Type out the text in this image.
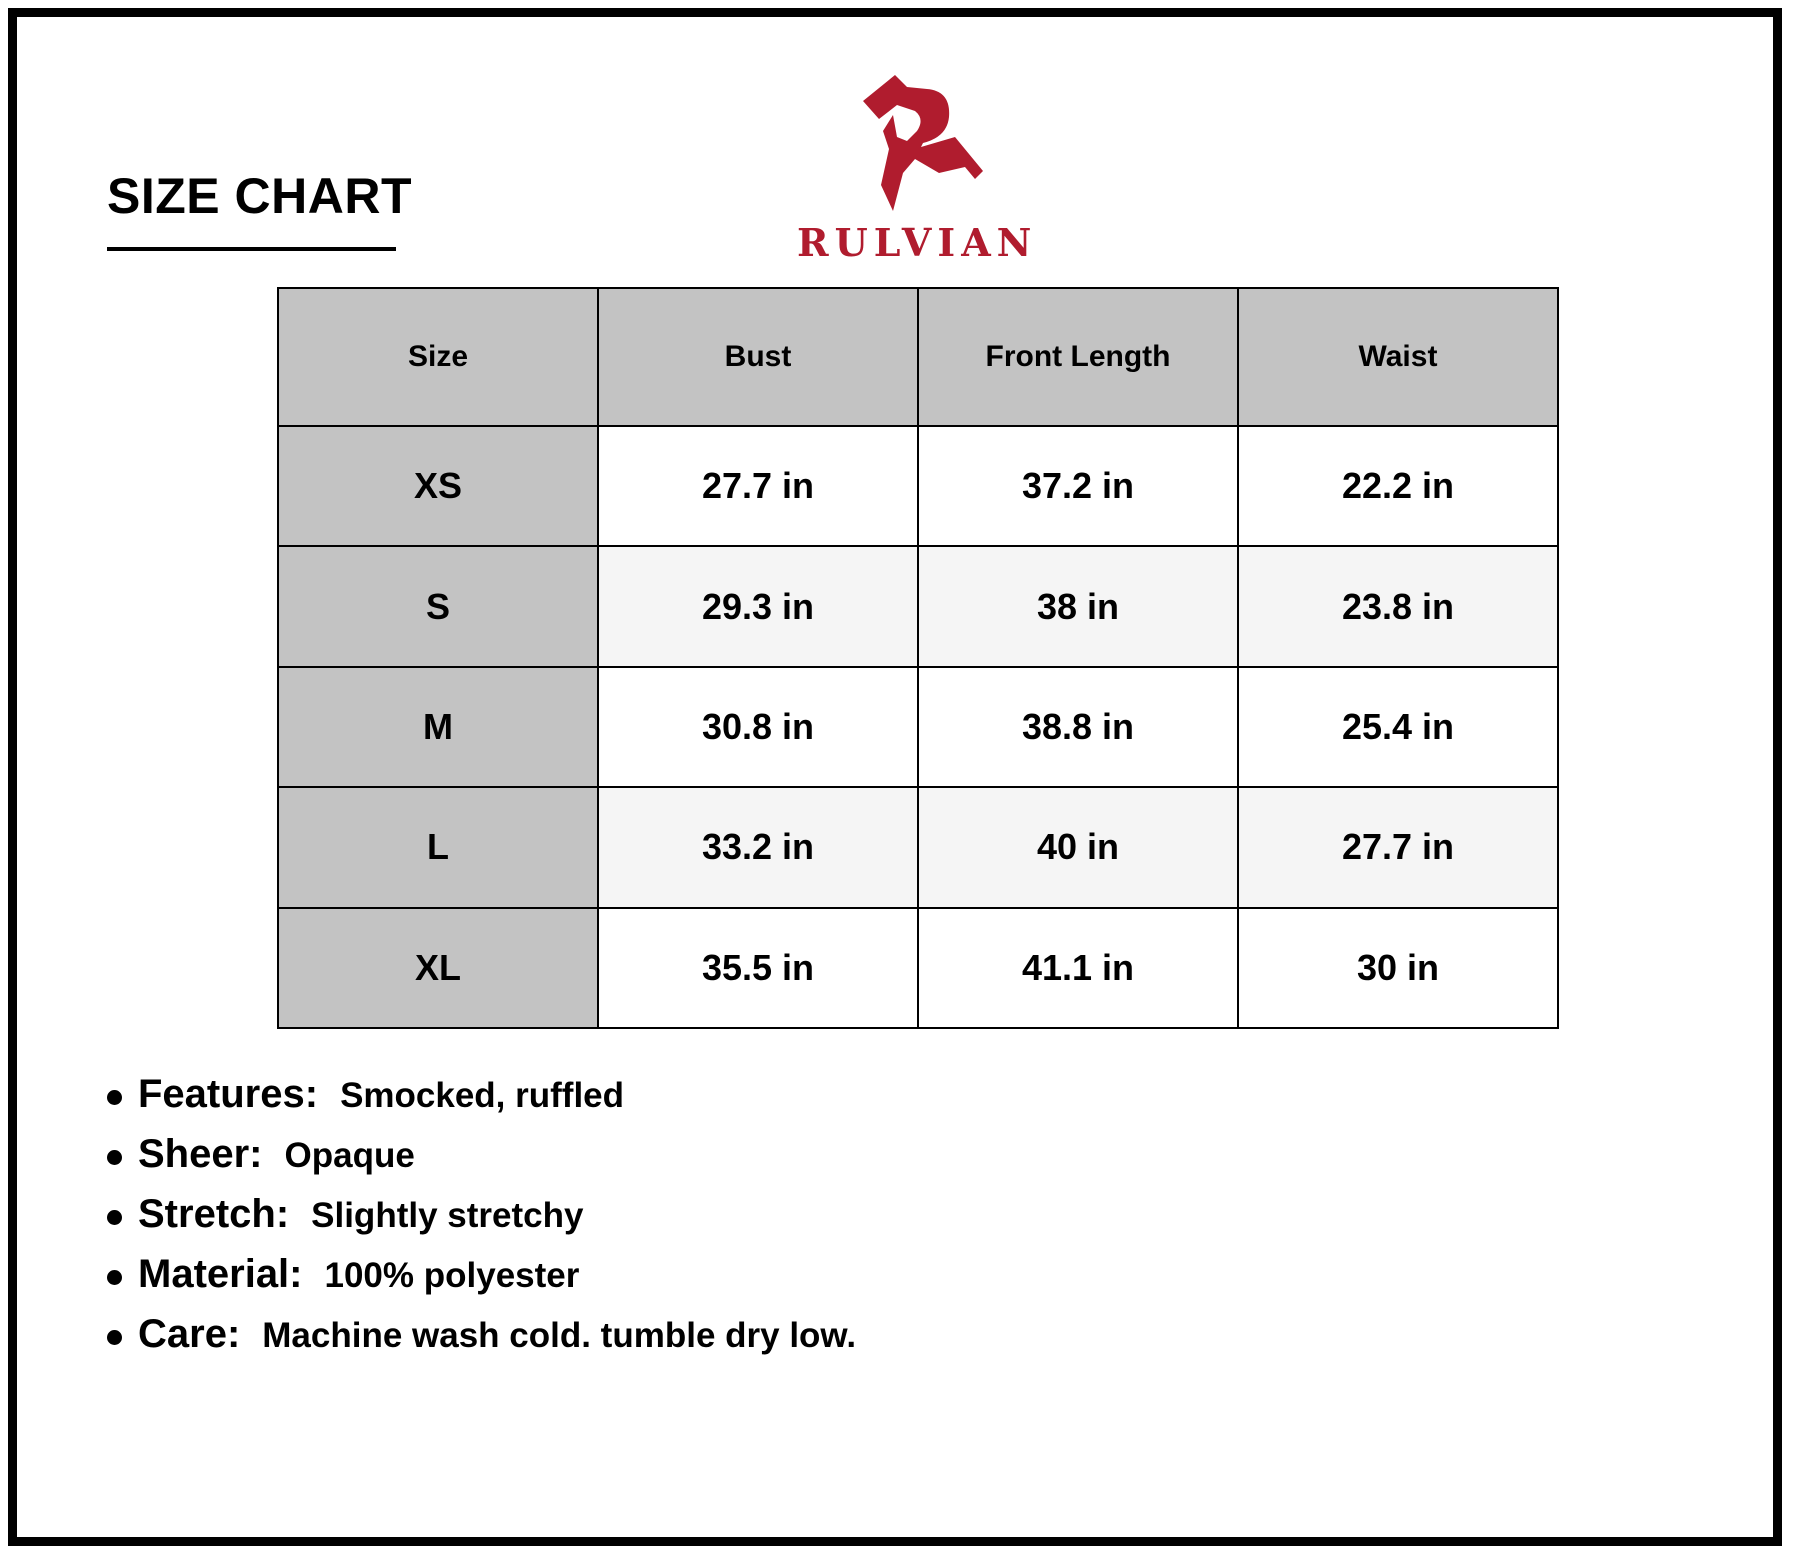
SIZE CHART
RULVIAN
Size	Bust	Front Length	Waist
XS	27.7 in	37.2 in	22.2 in
S	29.3 in	38 in	23.8 in
M	30.8 in	38.8 in	25.4 in
L	33.2 in	40 in	27.7 in
XL	35.5 in	41.1 in	30 in
Features: Smocked, ruffled
Sheer: Opaque
Stretch: Slightly stretchy
Material: 100% polyester
Care: Machine wash cold. tumble dry low.
